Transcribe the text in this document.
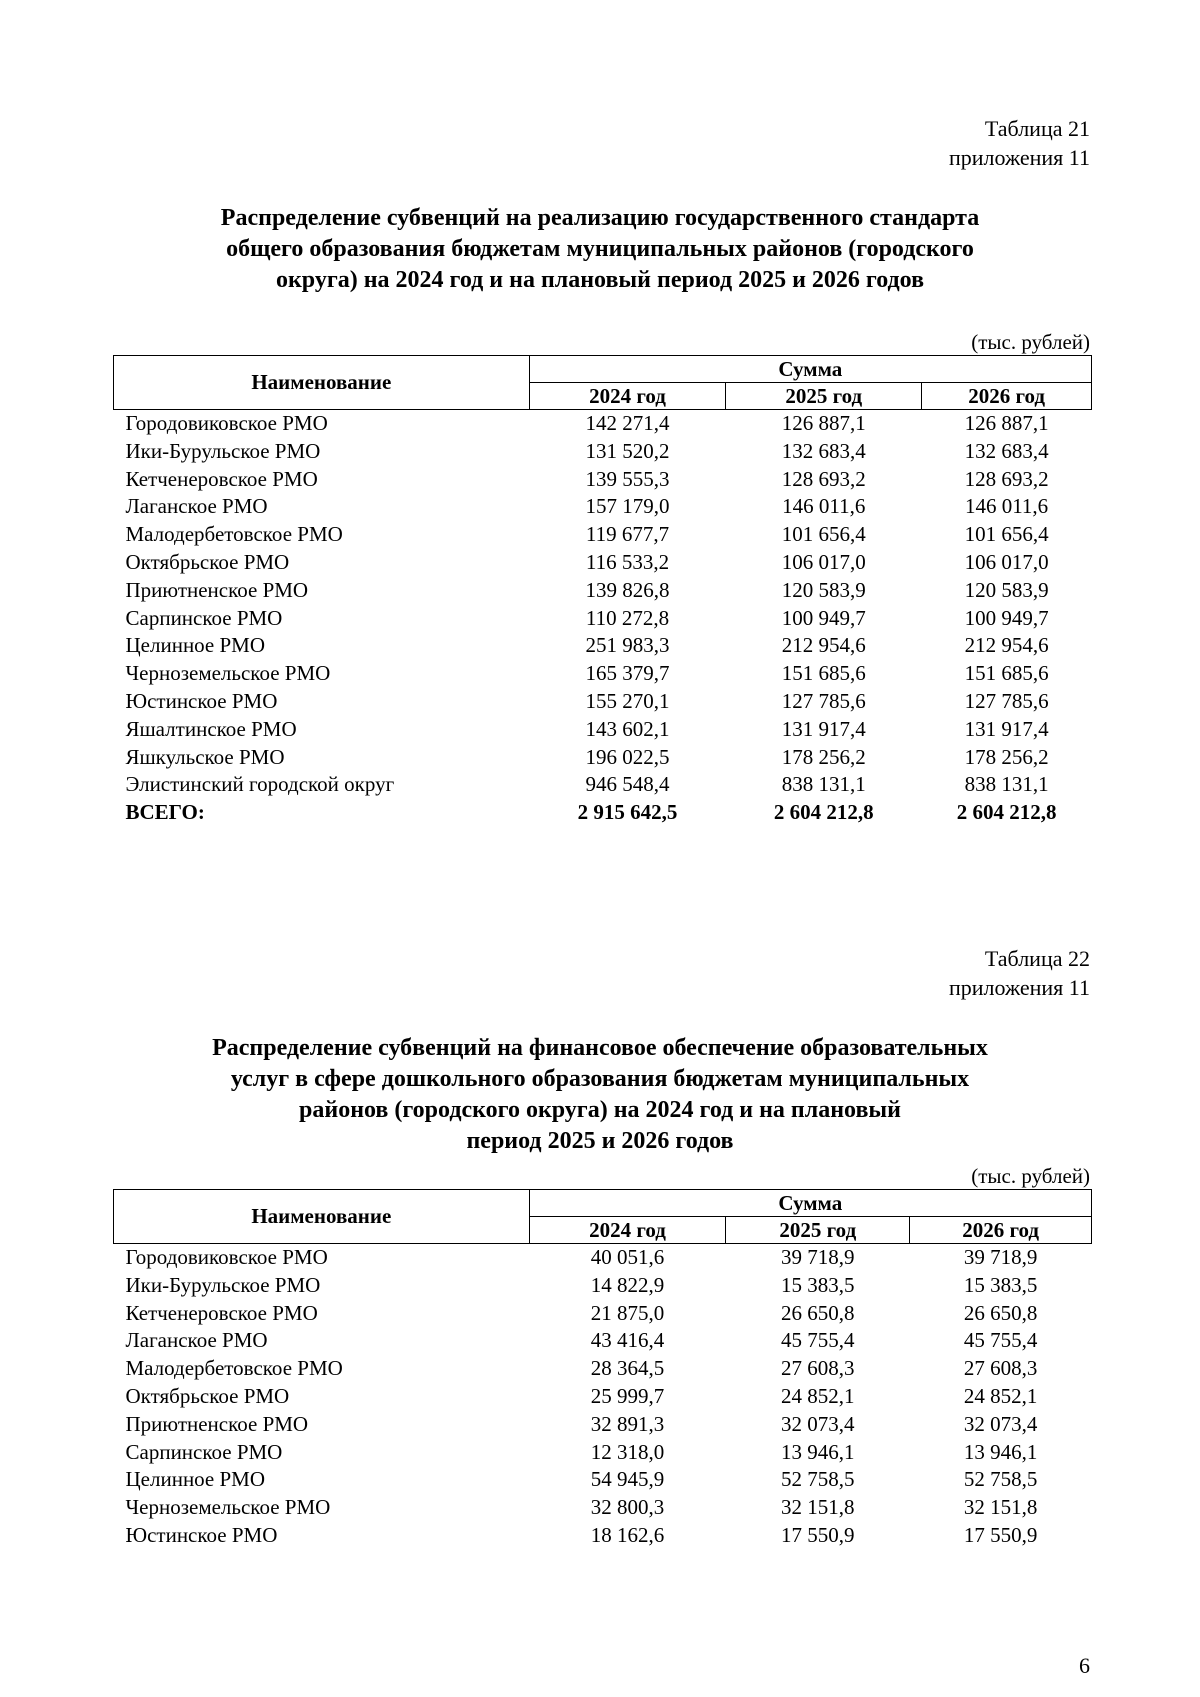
Таблица 21
приложения 11
Распределение субвенций на реализацию государственного стандарта
общего образования бюджетам муниципальных районов (городского
округа) на 2024 год и на плановый период 2025 и 2026 годов
(тыс. рублей)
Наименование	Сумма		
	2024 год	2025 год	2026 год
Городовиковское РМО	142 271,4	126 887,1	126 887,1
Ики-Бурульское РМО	131 520,2	132 683,4	132 683,4
Кетченеровское РМО	139 555,3	128 693,2	128 693,2
Лаганское РМО	157 179,0	146 011,6	146 011,6
Малодербетовское РМО	119 677,7	101 656,4	101 656,4
Октябрьское РМО	116 533,2	106 017,0	106 017,0
Приютненское РМО	139 826,8	120 583,9	120 583,9
Сарпинское РМО	110 272,8	100 949,7	100 949,7
Целинное РМО	251 983,3	212 954,6	212 954,6
Черноземельское РМО	165 379,7	151 685,6	151 685,6
Юстинское РМО	155 270,1	127 785,6	127 785,6
Яшалтинское РМО	143 602,1	131 917,4	131 917,4
Яшкульское РМО	196 022,5	178 256,2	178 256,2
Элистинский городской округ	946 548,4	838 131,1	838 131,1
ВСЕГО:	2 915 642,5	2 604 212,8	2 604 212,8
Таблица 22
приложения 11
Распределение субвенций на финансовое обеспечение образовательных
услуг в сфере дошкольного образования бюджетам муниципальных
районов (городского округа) на 2024 год и на плановый
период 2025 и 2026 годов
(тыс. рублей)
Наименование	Сумма		
	2024 год	2025 год	2026 год
Городовиковское РМО	40 051,6	39 718,9	39 718,9
Ики-Бурульское РМО	14 822,9	15 383,5	15 383,5
Кетченеровское РМО	21 875,0	26 650,8	26 650,8
Лаганское РМО	43 416,4	45 755,4	45 755,4
Малодербетовское РМО	28 364,5	27 608,3	27 608,3
Октябрьское РМО	25 999,7	24 852,1	24 852,1
Приютненское РМО	32 891,3	32 073,4	32 073,4
Сарпинское РМО	12 318,0	13 946,1	13 946,1
Целинное РМО	54 945,9	52 758,5	52 758,5
Черноземельское РМО	32 800,3	32 151,8	32 151,8
Юстинское РМО	18 162,6	17 550,9	17 550,9
6
